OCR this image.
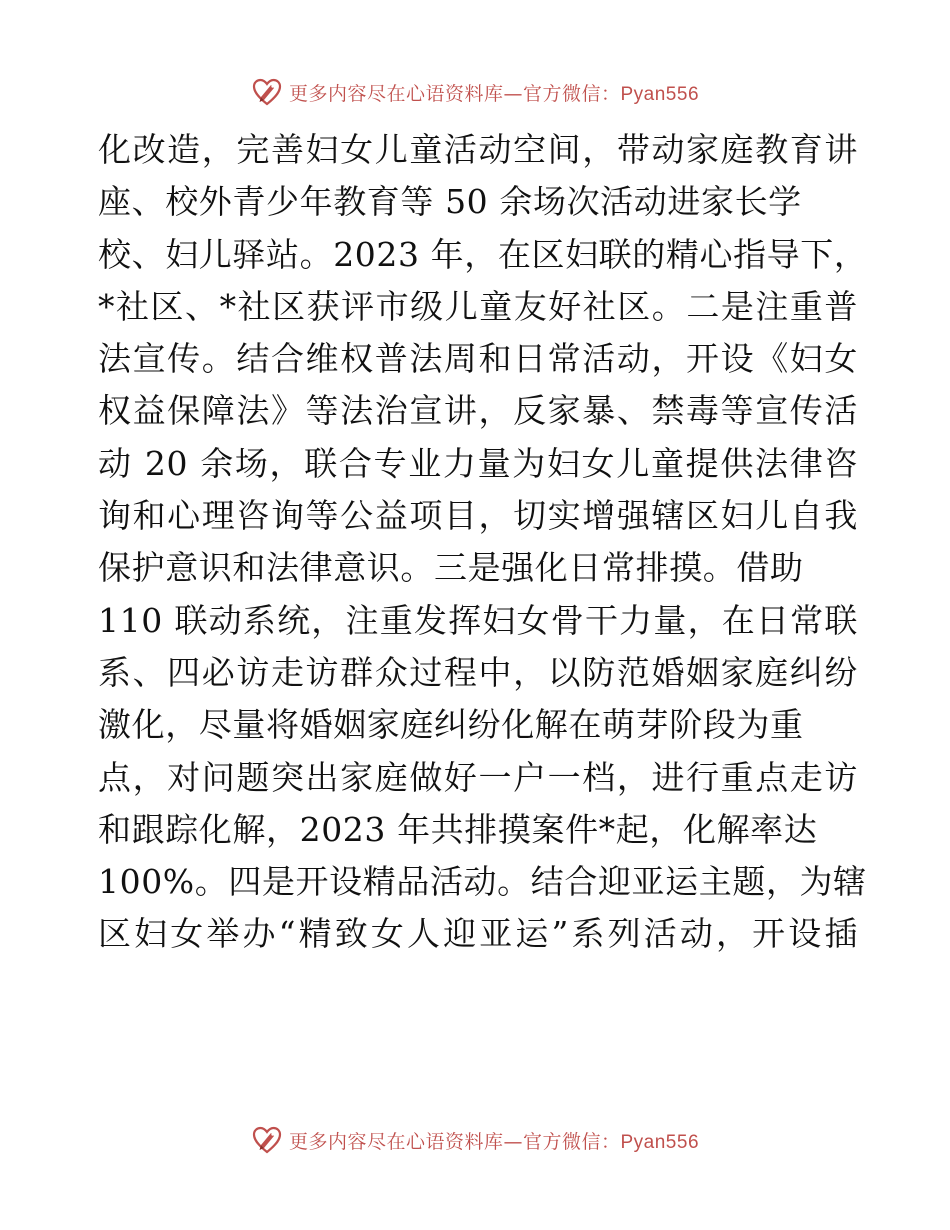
更多内容尽在心语资料库—官方微信：Pyan556
化改造，完善妇女儿童活动空间，带动家庭教育讲
座、校外青少年教育等 50 余场次活动进家长学
校、妇儿驿站。2023 年，在区妇联的精心指导下，
*社区、*社区获评市级儿童友好社区。二是注重普
法宣传。结合维权普法周和日常活动，开设《妇女
权益保障法》等法治宣讲，反家暴、禁毒等宣传活
动 20 余场，联合专业力量为妇女儿童提供法律咨
询和心理咨询等公益项目，切实增强辖区妇儿自我
保护意识和法律意识。三是强化日常排摸。借助
110 联动系统，注重发挥妇女骨干力量，在日常联
系、四必访走访群众过程中，以防范婚姻家庭纠纷
激化，尽量将婚姻家庭纠纷化解在萌芽阶段为重
点，对问题突出家庭做好一户一档，进行重点走访
和跟踪化解，2023 年共排摸案件*起，化解率达
100%。四是开设精品活动。结合迎亚运主题，为辖
区妇女举办“精致女人迎亚运”系列活动，开设插
更多内容尽在心语资料库—官方微信：Pyan556
